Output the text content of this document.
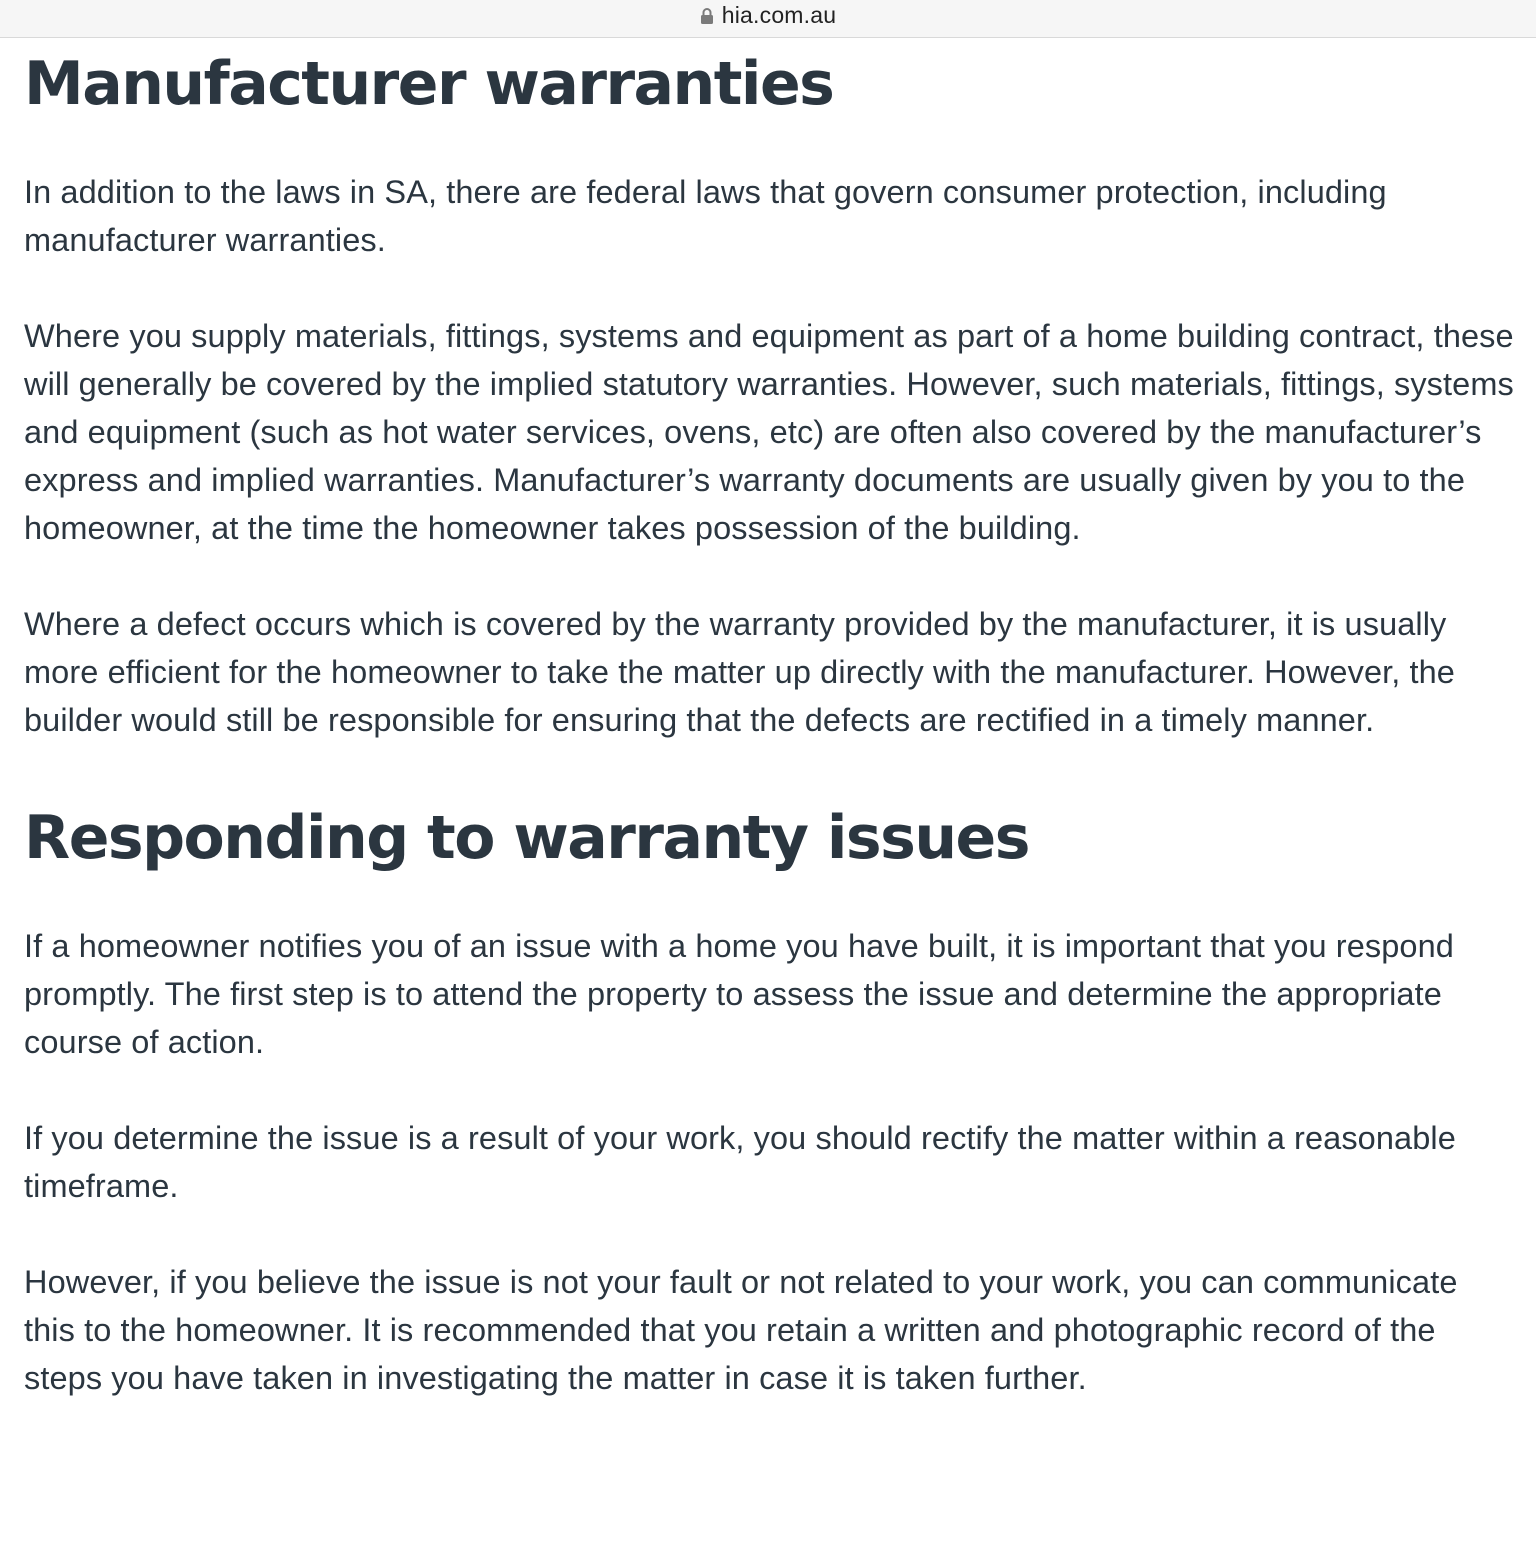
hia.com.au
Manufacturer warranties

In addition to the laws in SA, there are federal laws that govern consumer protection, including manufacturer warranties.

Where you supply materials, fittings, systems and equipment as part of a home building contract, these will generally be covered by the implied statutory warranties. However, such materials, fittings, systems and equipment (such as hot water services, ovens, etc) are often also covered by the manufacturer’s express and implied warranties. Manufacturer’s warranty documents are usually given by you to the homeowner, at the time the homeowner takes possession of the building.

Where a defect occurs which is covered by the warranty provided by the manufacturer, it is usually more efficient for the homeowner to take the matter up directly with the manufacturer. However, the builder would still be responsible for ensuring that the defects are rectified in a timely manner.

Responding to warranty issues

If a homeowner notifies you of an issue with a home you have built, it is important that you respond promptly. The first step is to attend the property to assess the issue and determine the appropriate course of action.

If you determine the issue is a result of your work, you should rectify the matter within a reasonable timeframe.

However, if you believe the issue is not your fault or not related to your work, you can communicate this to the homeowner. It is recommended that you retain a written and photographic record of the steps you have taken in investigating the matter in case it is taken further.
